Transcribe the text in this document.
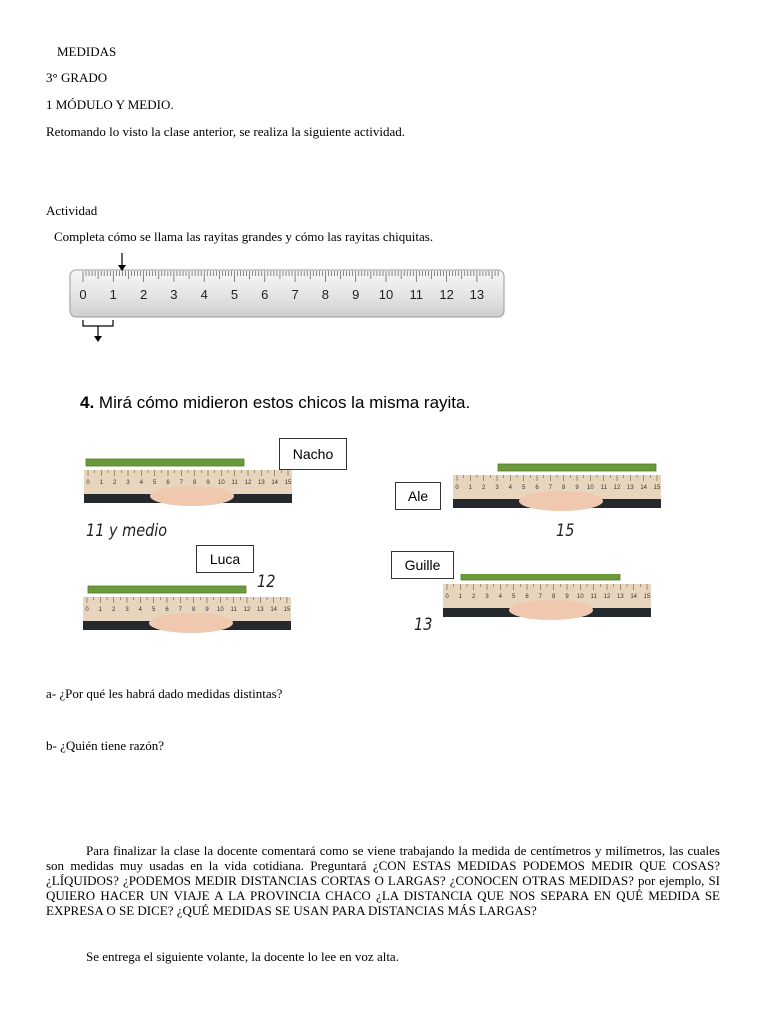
MEDIDAS
3° GRADO
1 MÓDULO Y MEDIO.
Retomando lo visto la clase anterior, se realiza la siguiente actividad.
Actividad
Completa cómo se llama las rayitas grandes y cómo las rayitas chiquitas.
0 1 2 3 4 5 6 7 8 9 10 11 12 13
4. Mirá cómo midieron estos chicos la misma rayita.
0 1 2 3 4 5 6 7 8 9 10 11 12 13 14 15
0 1 2 3 4 5 6 7 8 9 10 11 12 13 14 15
0 1 2 3 4 5 6 7 8 9 10 11 12 13 14 15
0 1 2 3 4 5 6 7 8 9 10 11 12 13 14 15
Nacho
Ale
Luca	Guille
11 y medio	15
12
13
a- ¿Por qué les habrá dado medidas distintas?
b- ¿Quién tiene razón?
Para finalizar la clase la docente comentará como se viene trabajando la medida de centímetros y milímetros, las cuales son medidas muy usadas en la vida cotidiana. Preguntará ¿CON ESTAS MEDIDAS PODEMOS MEDIR QUE COSAS? ¿LÍQUIDOS? ¿PODEMOS MEDIR DISTANCIAS CORTAS O LARGAS? ¿CONOCEN OTRAS MEDIDAS? por ejemplo, SI QUIERO HACER UN VIAJE A LA PROVINCIA CHACO ¿LA DISTANCIA QUE NOS SEPARA EN QUÉ MEDIDA SE EXPRESA O SE DICE? ¿QUÉ MEDIDAS SE USAN PARA DISTANCIAS MÁS LARGAS?
Se entrega el siguiente volante, la docente lo lee en voz alta.
